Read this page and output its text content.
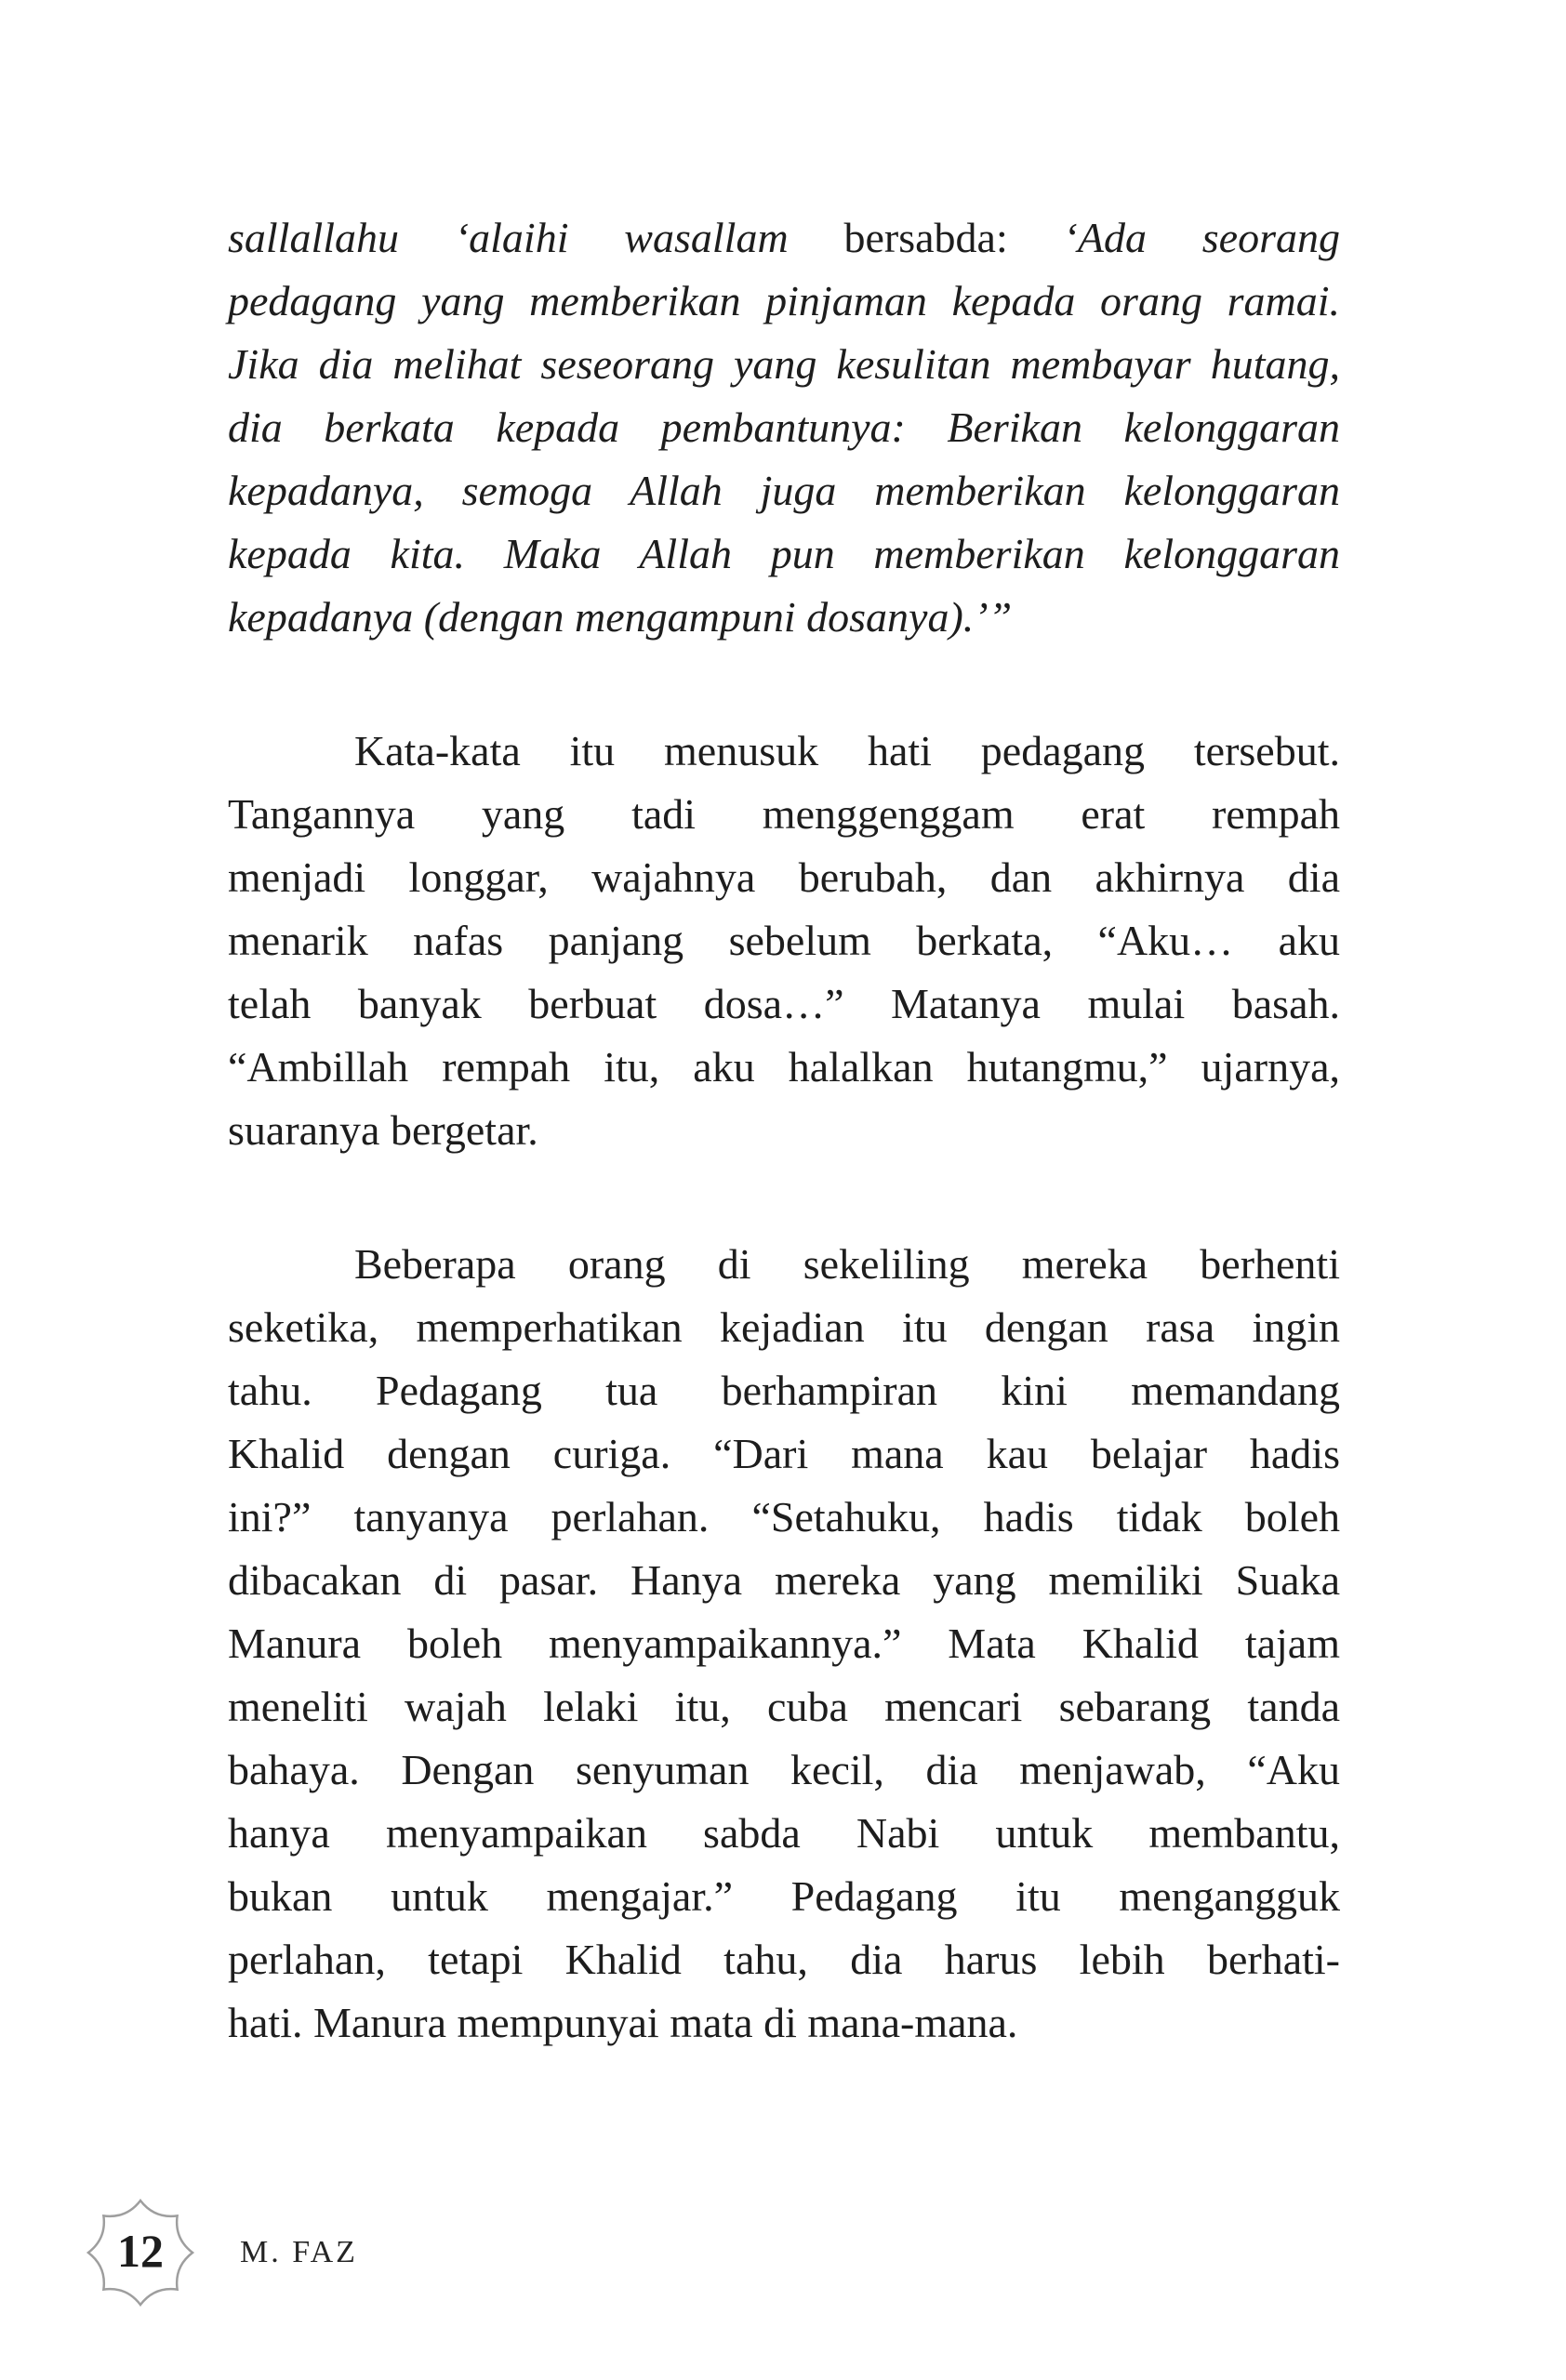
sallallahu ‘alaihi wasallam bersabda: ‘Ada seorang
pedagang yang memberikan pinjaman kepada orang ramai.
Jika dia melihat seseorang yang kesulitan membayar hutang,
dia berkata kepada pembantunya: Berikan kelonggaran
kepadanya, semoga Allah juga memberikan kelonggaran
kepada kita. Maka Allah pun memberikan kelonggaran
kepadanya (dengan mengampuni dosanya).’”
Kata-kata itu menusuk hati pedagang tersebut.
Tangannya yang tadi menggenggam erat rempah
menjadi longgar, wajahnya berubah, dan akhirnya dia
menarik nafas panjang sebelum berkata, “Aku… aku
telah banyak berbuat dosa…” Matanya mulai basah.
“Ambillah rempah itu, aku halalkan hutangmu,” ujarnya,
suaranya bergetar.
Beberapa orang di sekeliling mereka berhenti
seketika, memperhatikan kejadian itu dengan rasa ingin
tahu. Pedagang tua berhampiran kini memandang
Khalid dengan curiga. “Dari mana kau belajar hadis
ini?” tanyanya perlahan. “Setahuku, hadis tidak boleh
dibacakan di pasar. Hanya mereka yang memiliki Suaka
Manura boleh menyampaikannya.” Mata Khalid tajam
meneliti wajah lelaki itu, cuba mencari sebarang tanda
bahaya. Dengan senyuman kecil, dia menjawab, “Aku
hanya menyampaikan sabda Nabi untuk membantu,
bukan untuk mengajar.” Pedagang itu mengangguk
perlahan, tetapi Khalid tahu, dia harus lebih berhati-
hati. Manura mempunyai mata di mana-mana.
12	M. FAZ
